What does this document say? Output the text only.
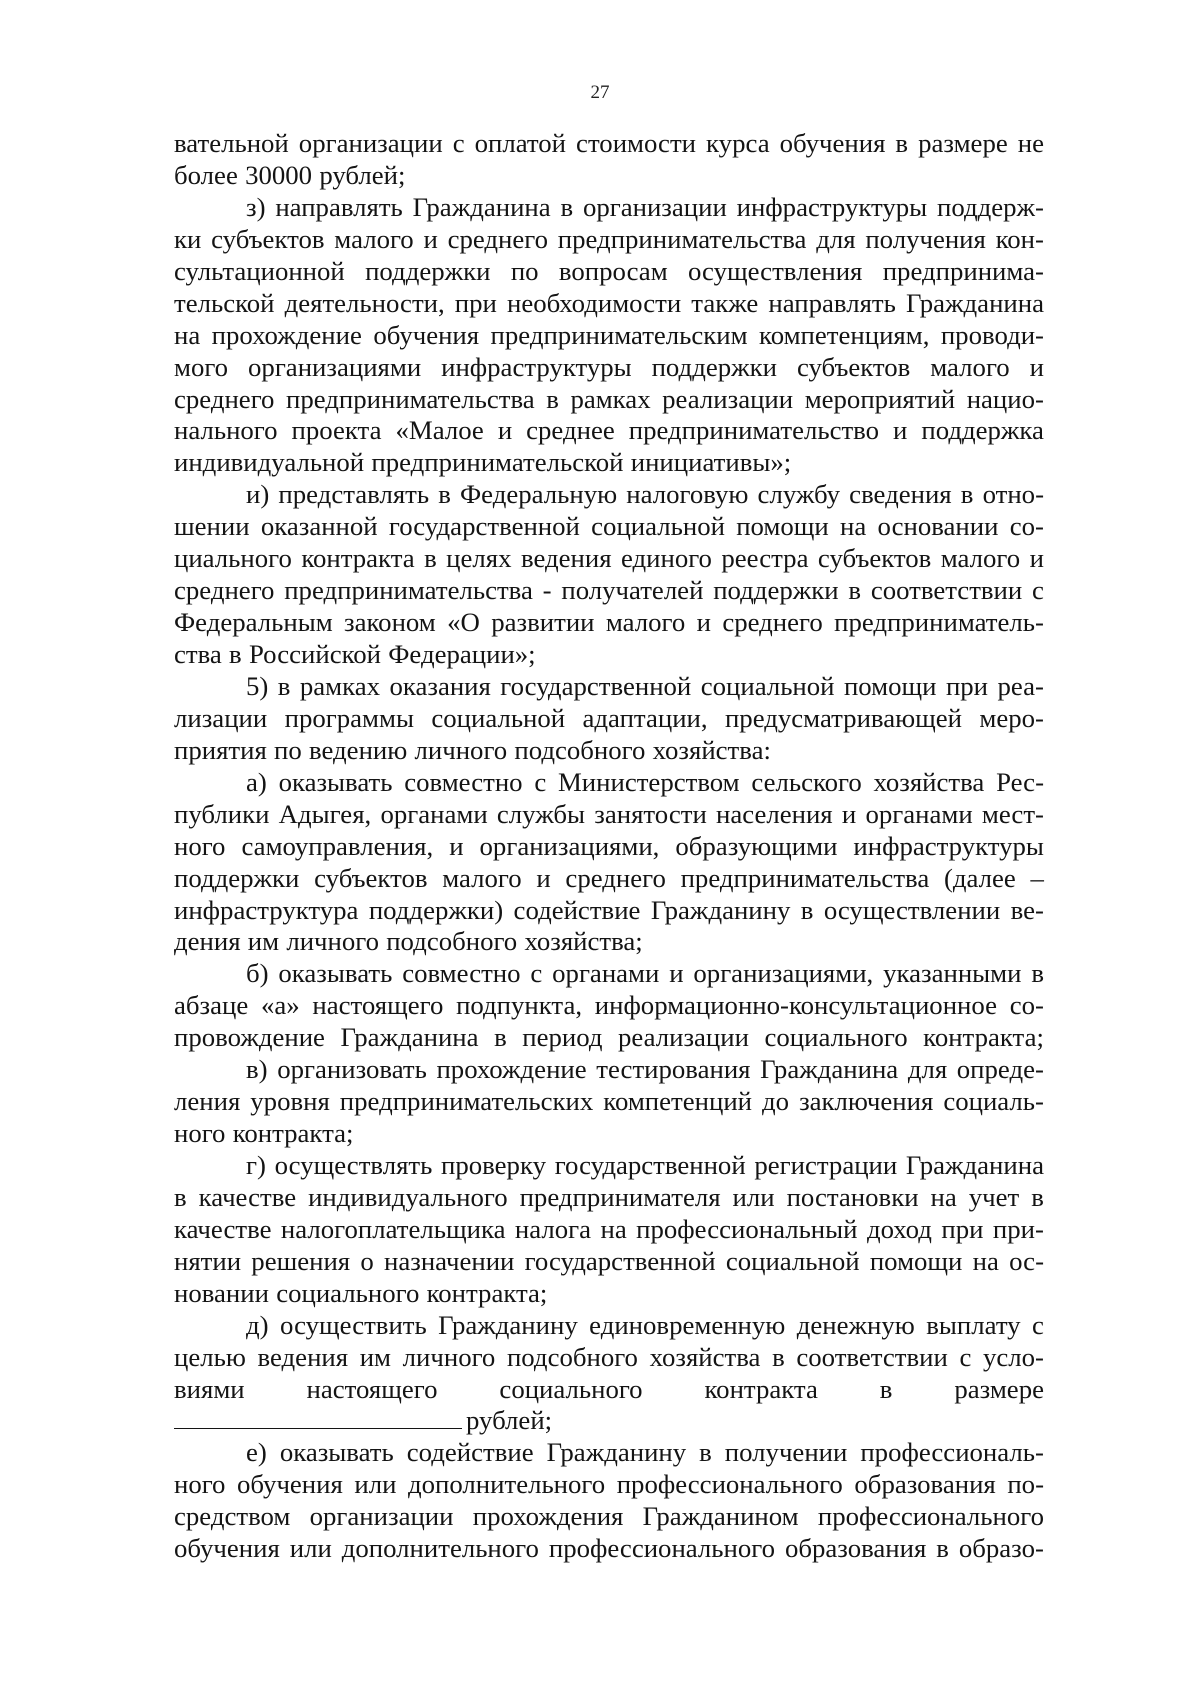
27
вательной организации с оплатой стоимости курса обучения в размере не
более 30000 рублей;
з) направлять Гражданина в организации инфраструктуры поддерж-
ки субъектов малого и среднего предпринимательства для получения кон-
сультационной поддержки по вопросам осуществления предпринима-
тельской деятельности, при необходимости также направлять Гражданина
на прохождение обучения предпринимательским компетенциям, проводи-
мого организациями инфраструктуры поддержки субъектов малого и
среднего предпринимательства в рамках реализации мероприятий нацио-
нального проекта «Малое и среднее предпринимательство и поддержка
индивидуальной предпринимательской инициативы»;
и) представлять в Федеральную налоговую службу сведения в отно-
шении оказанной государственной социальной помощи на основании со-
циального контракта в целях ведения единого реестра субъектов малого и
среднего предпринимательства - получателей поддержки в соответствии с
Федеральным законом «О развитии малого и среднего предприниматель-
ства в Российской Федерации»;
5) в рамках оказания государственной социальной помощи при реа-
лизации программы социальной адаптации, предусматривающей меро-
приятия по ведению личного подсобного хозяйства:
а) оказывать совместно с Министерством сельского хозяйства Рес-
публики Адыгея, органами службы занятости населения и органами мест-
ного самоуправления, и организациями, образующими инфраструктуры
поддержки субъектов малого и среднего предпринимательства (далее –
инфраструктура поддержки) содействие Гражданину в осуществлении ве-
дения им личного подсобного хозяйства;
б) оказывать совместно с органами и организациями, указанными в
абзаце «а» настоящего подпункта, информационно-консультационное со-
провождение Гражданина в период реализации социального контракта;
в) организовать прохождение тестирования Гражданина для опреде-
ления уровня предпринимательских компетенций до заключения социаль-
ного контракта;
г) осуществлять проверку государственной регистрации Гражданина
в качестве индивидуального предпринимателя или постановки на учет в
качестве налогоплательщика налога на профессиональный доход при при-
нятии решения о назначении государственной социальной помощи на ос-
новании социального контракта;
д) осуществить Гражданину единовременную денежную выплату с
целью ведения им личного подсобного хозяйства в соответствии с усло-
виями настоящего социального контракта в размере
рублей;
е) оказывать содействие Гражданину в получении профессиональ-
ного обучения или дополнительного профессионального образования по-
средством организации прохождения Гражданином профессионального
обучения или дополнительного профессионального образования в образо-
